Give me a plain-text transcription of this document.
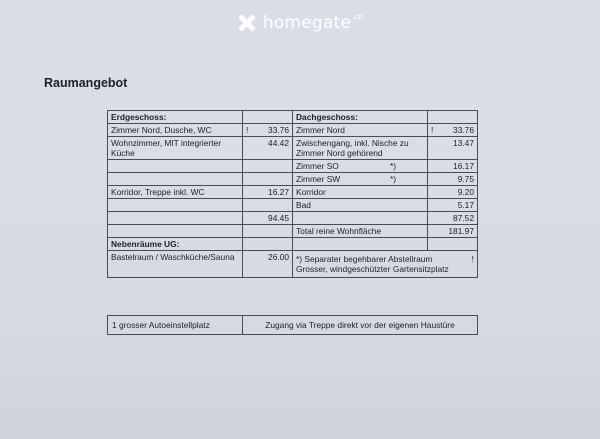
homegate$^{.ch}$
Raumangebot
Erdgeschoss:		Dachgeschoss:	
Zimmer Nord, Dusche, WC	! 33.76	Zimmer Nord	! 33.76
Wohnzimmer, MIT integrierter Küche	44.42	Zwischengang, inkl. Nische zu Zimmer Nord gehörend	13.47
		Zimmer SO *)	16.17
		Zimmer SW *)	9.75
Korridor, Treppe inkl. WC	16.27	Korridor	9.20
		Bad	5.17
	94.45		87.52
		Total reine Wohnfläche	181.97
Nebenräume UG:			
Bastelraum / Waschküche/Sauna	26.00	!
*) Separater begehbarer Abstellraum
Grosser, windgeschützter Gartensitzplatz	
1 grosser Autoeinstellplatz	Zugang via Treppe direkt vor der eigenen Haustüre
